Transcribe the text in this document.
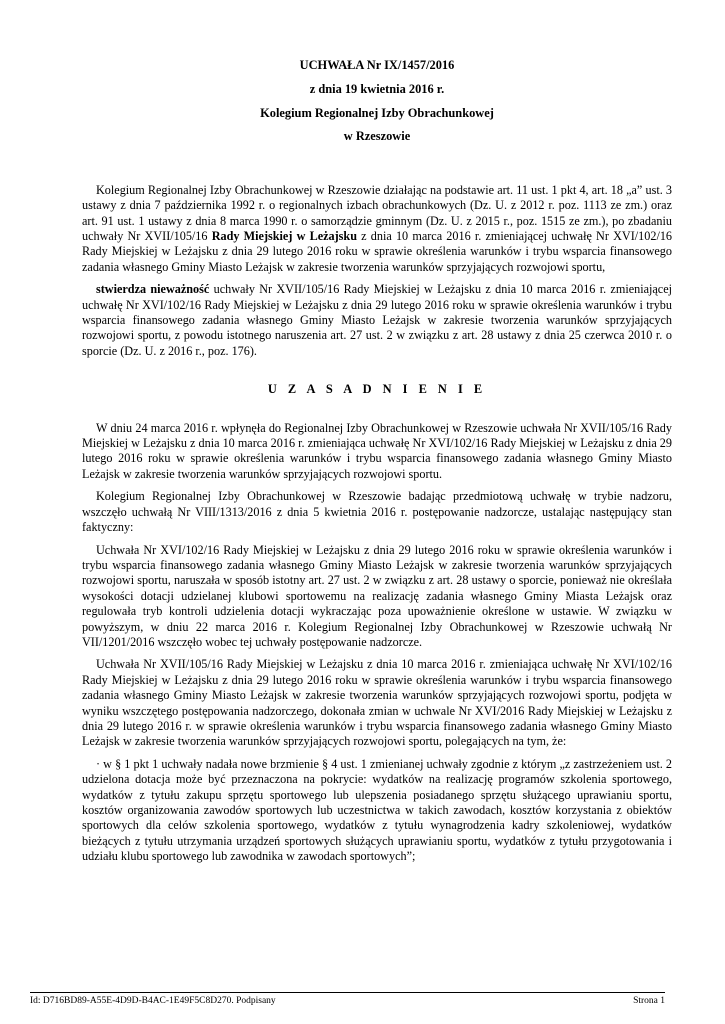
UCHWAŁA Nr IX/1457/2016
z dnia 19 kwietnia 2016 r.
Kolegium Regionalnej Izby Obrachunkowej
w Rzeszowie

Kolegium Regionalnej Izby Obrachunkowej w Rzeszowie działając na podstawie art. 11 ust. 1 pkt 4, art. 18 „a” ust. 3 ustawy z dnia 7 października 1992 r. o regionalnych izbach obrachunkowych (Dz. U. z 2012 r. poz. 1113 ze zm.) oraz art. 91 ust. 1 ustawy z dnia 8 marca 1990 r. o samorządzie gminnym (Dz. U. z 2015 r., poz. 1515 ze zm.), po zbadaniu uchwały Nr XVII/105/16 Rady Miejskiej w Leżajsku z dnia 10 marca 2016 r. zmieniającej uchwałę Nr XVI/102/16 Rady Miejskiej w Leżajsku z dnia 29 lutego 2016 roku w sprawie określenia warunków i trybu wsparcia finansowego zadania własnego Gminy Miasto Leżajsk w zakresie tworzenia warunków sprzyjających rozwojowi sportu,

stwierdza nieważność uchwały Nr XVII/105/16 Rady Miejskiej w Leżajsku z dnia 10 marca 2016 r. zmieniającej uchwałę Nr XVI/102/16 Rady Miejskiej w Leżajsku z dnia 29 lutego 2016 roku w sprawie określenia warunków i trybu wsparcia finansowego zadania własnego Gminy Miasto Leżajsk w zakresie tworzenia warunków sprzyjających rozwojowi sportu, z powodu istotnego naruszenia art. 27 ust. 2 w związku z art. 28 ustawy z dnia 25 czerwca 2010 r. o sporcie (Dz. U. z 2016 r., poz. 176).

U Z A S A D N I E N I E

W dniu 24 marca 2016 r. wpłynęła do Regionalnej Izby Obrachunkowej w Rzeszowie uchwała Nr XVII/105/16 Rady Miejskiej w Leżajsku z dnia 10 marca 2016 r. zmieniająca uchwałę Nr XVI/102/16 Rady Miejskiej w Leżajsku z dnia 29 lutego 2016 roku w sprawie określenia warunków i trybu wsparcia finansowego zadania własnego Gminy Miasto Leżajsk w zakresie tworzenia warunków sprzyjających rozwojowi sportu.

Kolegium Regionalnej Izby Obrachunkowej w Rzeszowie badając przedmiotową uchwałę w trybie nadzoru, wszczęło uchwałą Nr VIII/1313/2016 z dnia 5 kwietnia 2016 r. postępowanie nadzorcze, ustalając następujący stan faktyczny:

Uchwała Nr XVI/102/16 Rady Miejskiej w Leżajsku z dnia 29 lutego 2016 roku w sprawie określenia warunków i trybu wsparcia finansowego zadania własnego Gminy Miasto Leżajsk w zakresie tworzenia warunków sprzyjających rozwojowi sportu, naruszała w sposób istotny art. 27 ust. 2 w związku z art. 28 ustawy o sporcie, ponieważ nie określała wysokości dotacji udzielanej klubowi sportowemu na realizację zadania własnego Gminy Miasta Leżajsk oraz regulowała tryb kontroli udzielenia dotacji wykraczając poza upoważnienie określone w ustawie. W związku w powyższym, w dniu 22 marca 2016 r. Kolegium Regionalnej Izby Obrachunkowej w Rzeszowie uchwałą Nr VII/1201/2016 wszczęło wobec tej uchwały postępowanie nadzorcze.

Uchwała Nr XVII/105/16 Rady Miejskiej w Leżajsku z dnia 10 marca 2016 r. zmieniająca uchwałę Nr XVI/102/16 Rady Miejskiej w Leżajsku z dnia 29 lutego 2016 roku w sprawie określenia warunków i trybu wsparcia finansowego zadania własnego Gminy Miasto Leżajsk w zakresie tworzenia warunków sprzyjających rozwojowi sportu, podjęta w wyniku wszczętego postępowania nadzorczego, dokonała zmian w uchwale Nr XVI/2016 Rady Miejskiej w Leżajsku z dnia 29 lutego 2016 r. w sprawie określenia warunków i trybu wsparcia finansowego zadania własnego Gminy Miasto Leżajsk w zakresie tworzenia warunków sprzyjających rozwojowi sportu, polegających na tym, że:

· w § 1 pkt 1 uchwały nadała nowe brzmienie § 4 ust. 1 zmienianej uchwały zgodnie z którym „z zastrzeżeniem ust. 2 udzielona dotacja może być przeznaczona na pokrycie: wydatków na realizację programów szkolenia sportowego, wydatków z tytułu zakupu sprzętu sportowego lub ulepszenia posiadanego sprzętu służącego uprawianiu sportu, kosztów organizowania zawodów sportowych lub uczestnictwa w takich zawodach, kosztów korzystania z obiektów sportowych dla celów szkolenia sportowego, wydatków z tytułu wynagrodzenia kadry szkoleniowej, wydatków bieżących z tytułu utrzymania urządzeń sportowych służących uprawianiu sportu, wydatków z tytułu przygotowania i udziału klubu sportowego lub zawodnika w zawodach sportowych”;

Id: D716BD89-A55E-4D9D-B4AC-1E49F5C8D270. Podpisany	Strona 1
